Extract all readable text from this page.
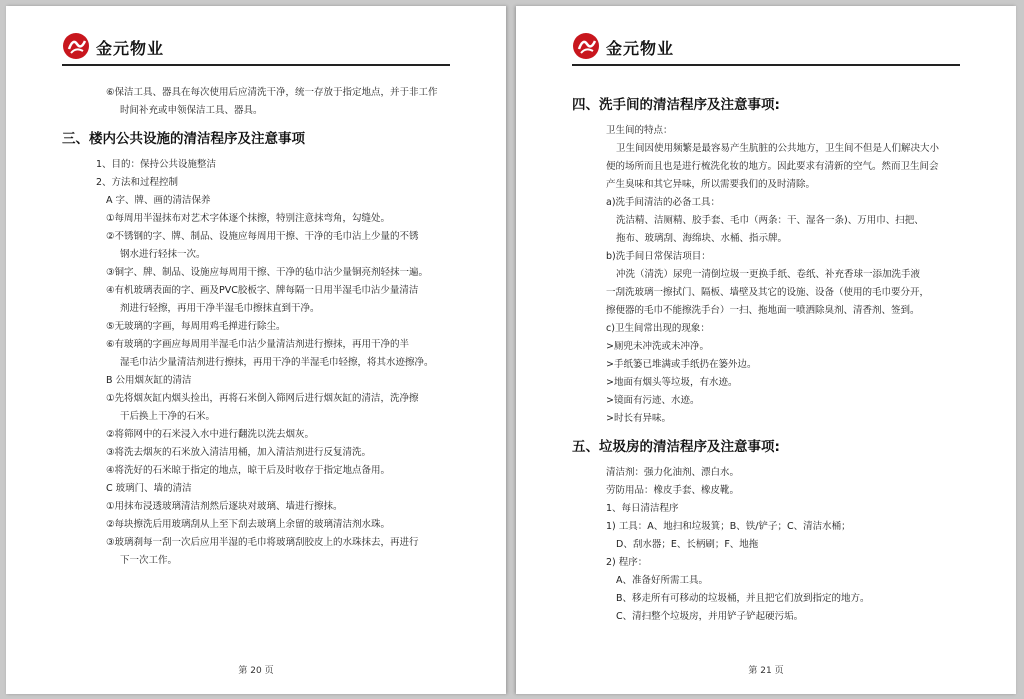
金元物业
⑥保洁工具、器具在每次使用后应清洗干净，统一存放于指定地点，并于非工作
时间补充或申领保洁工具、器具。
三、楼内公共设施的清洁程序及注意事项
1、目的：保持公共设施整洁
2、方法和过程控制
A 字、牌、画的清洁保养
①每周用半湿抹布对艺术字体逐个抹擦，特别注意抹弯角，勾缝处。
②不锈钢的字、牌、制品、设施应每周用干擦、干净的毛巾沾上少量的不锈
钢水进行轻抹一次。
③铜字、牌、制品、设施应每周用干擦、干净的毡巾沾少量铜亮剂轻抹一遍。
④有机玻璃表面的字、画及PVC胶板字、牌每隔一日用半湿毛巾沾少量清洁
剂进行轻擦，再用干净半湿毛巾擦抹直到干净。
⑤无玻璃的字画，每周用鸡毛掸进行除尘。
⑥有玻璃的字画应每周用半湿毛巾沾少量清洁剂进行擦抹，再用干净的半
湿毛巾沾少量清洁剂进行擦抹，再用干净的半湿毛巾轻擦，将其水迹擦净。
B 公用烟灰缸的清洁
①先将烟灰缸内烟头捡出，再将石米倒入筛网后进行烟灰缸的清洁，洗净擦
干后换上干净的石米。
②将筛网中的石米浸入水中进行翻洗以洗去烟灰。
③将洗去烟灰的石米放入清洁用桶，加入清洁剂进行反复清洗。
④将洗好的石米晾于指定的地点，晾干后及时收存于指定地点备用。
C 玻璃门、墙的清洁
①用抹布浸透玻璃清洁剂然后逐块对玻璃、墙进行擦抹。
②每块擦洗后用玻璃刮从上至下刮去玻璃上余留的玻璃清洁剂水珠。
③玻璃刹每一刮一次后应用半湿的毛巾将玻璃刮胶皮上的水珠抹去，再进行
下一次工作。
第 20 页
金元物业
四、洗手间的清洁程序及注意事项:
卫生间的特点：
卫生间因使用频繁是最容易产生肮脏的公共地方，卫生间不但是人们解决大小
便的场所而且也是进行梳洗化妆的地方。因此要求有清新的空气。然而卫生间会
产生臭味和其它异味，所以需要我们的及时清除。
a)洗手间清洁的必备工具：
洗洁精、洁厕精、胶手套、毛巾（两条：干、湿各一条)、万用巾、扫把、
拖布、玻璃刮、海绵块、水桶、指示牌。
b)洗手间日常保洁项目：
冲洗（清洗）尿兜一清倒垃圾一更换手纸、卷纸、补充香球一添加洗手液
一刮洗玻璃一擦拭门、隔板、墙壁及其它的设施、设备（使用的毛巾要分开，
擦便器的毛巾不能擦洗手台）一扫、拖地面一喷洒除臭剂、清香剂、签到。
c)卫生间常出现的现象：
>厕兜未冲洗或未冲净。
>手纸篓已堆满或手纸扔在篓外边。
>地面有烟头等垃圾，有水迹。
>镜面有污迹、水迹。
>时长有异味。
五、垃圾房的清洁程序及注意事项:
清洁剂：强力化油剂、漂白水。
劳防用品：橡皮手套、橡皮靴。
1、每日清洁程序
1) 工具：A、地扫和垃圾箕；B、铁/铲子；C、清洁水桶；
D、刮水器；E、长柄刷；F、地拖
2) 程序：
A、准备好所需工具。
B、移走所有可移动的垃圾桶，并且把它们放到指定的地方。
C、清扫整个垃圾房，并用铲子铲起硬污垢。
第 21 页
